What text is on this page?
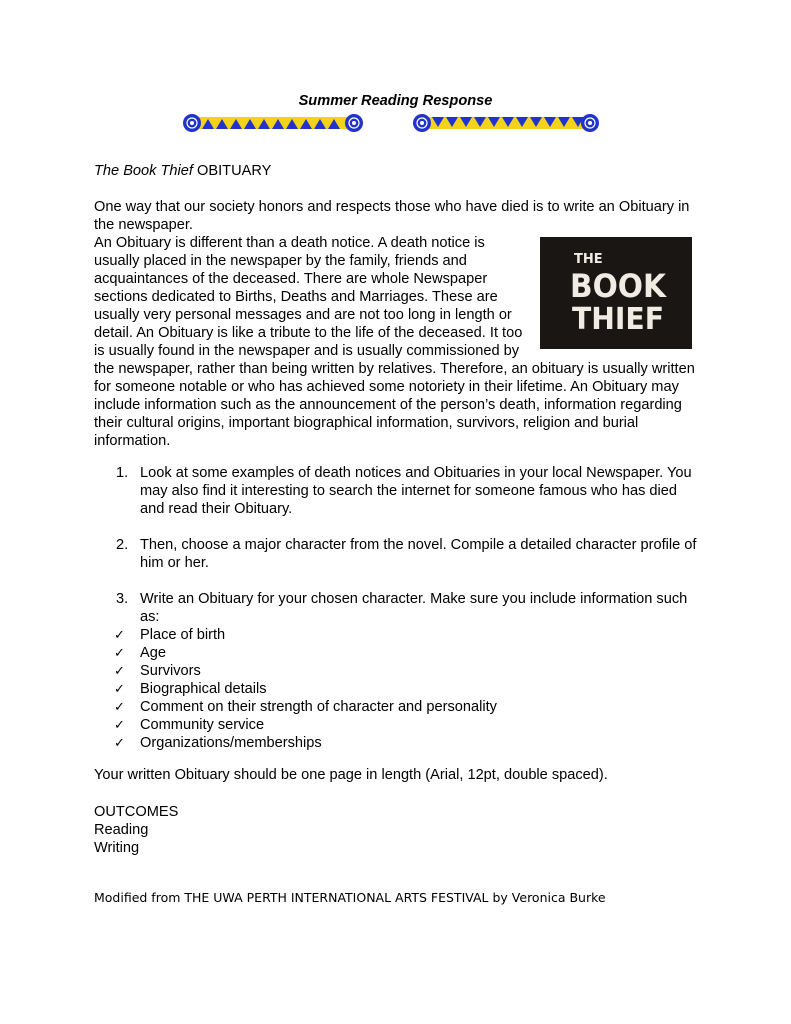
Summer Reading Response
The Book Thief OBITUARY

One way that our society honors and respects those who have died is to write an Obituary in the newspaper.

THE
BOOK
THIEF

An Obituary is different than a death notice. A death notice is usually placed in the newspaper by the family, friends and acquaintances of the deceased. There are whole Newspaper sections dedicated to Births, Deaths and Marriages. These are usually very personal messages and are not too long in length or detail. An Obituary is like a tribute to the life of the deceased. It too is usually found in the newspaper and is usually commissioned by the newspaper, rather than being written by relatives. Therefore, an obituary is usually written for someone notable or who has achieved some notoriety in their lifetime. An Obituary may include information such as the announcement of the person’s death, information regarding their cultural origins, important biographical information, survivors, religion and burial information.

1. Look at some examples of death notices and Obituaries in your local Newspaper. You may also find it interesting to search the internet for someone famous who has died and read their Obituary.
2. Then, choose a major character from the novel. Compile a detailed character profile of him or her.
3. Write an Obituary for your chosen character. Make sure you include information such as:
✓ Place of birth
✓ Age
✓ Survivors
✓ Biographical details
✓ Comment on their strength of character and personality
✓ Community service
✓ Organizations/memberships
Your written Obituary should be one page in length (Arial, 12pt, double spaced).
OUTCOMES
Reading
Writing
Modified from THE UWA PERTH INTERNATIONAL ARTS FESTIVAL by Veronica Burke
